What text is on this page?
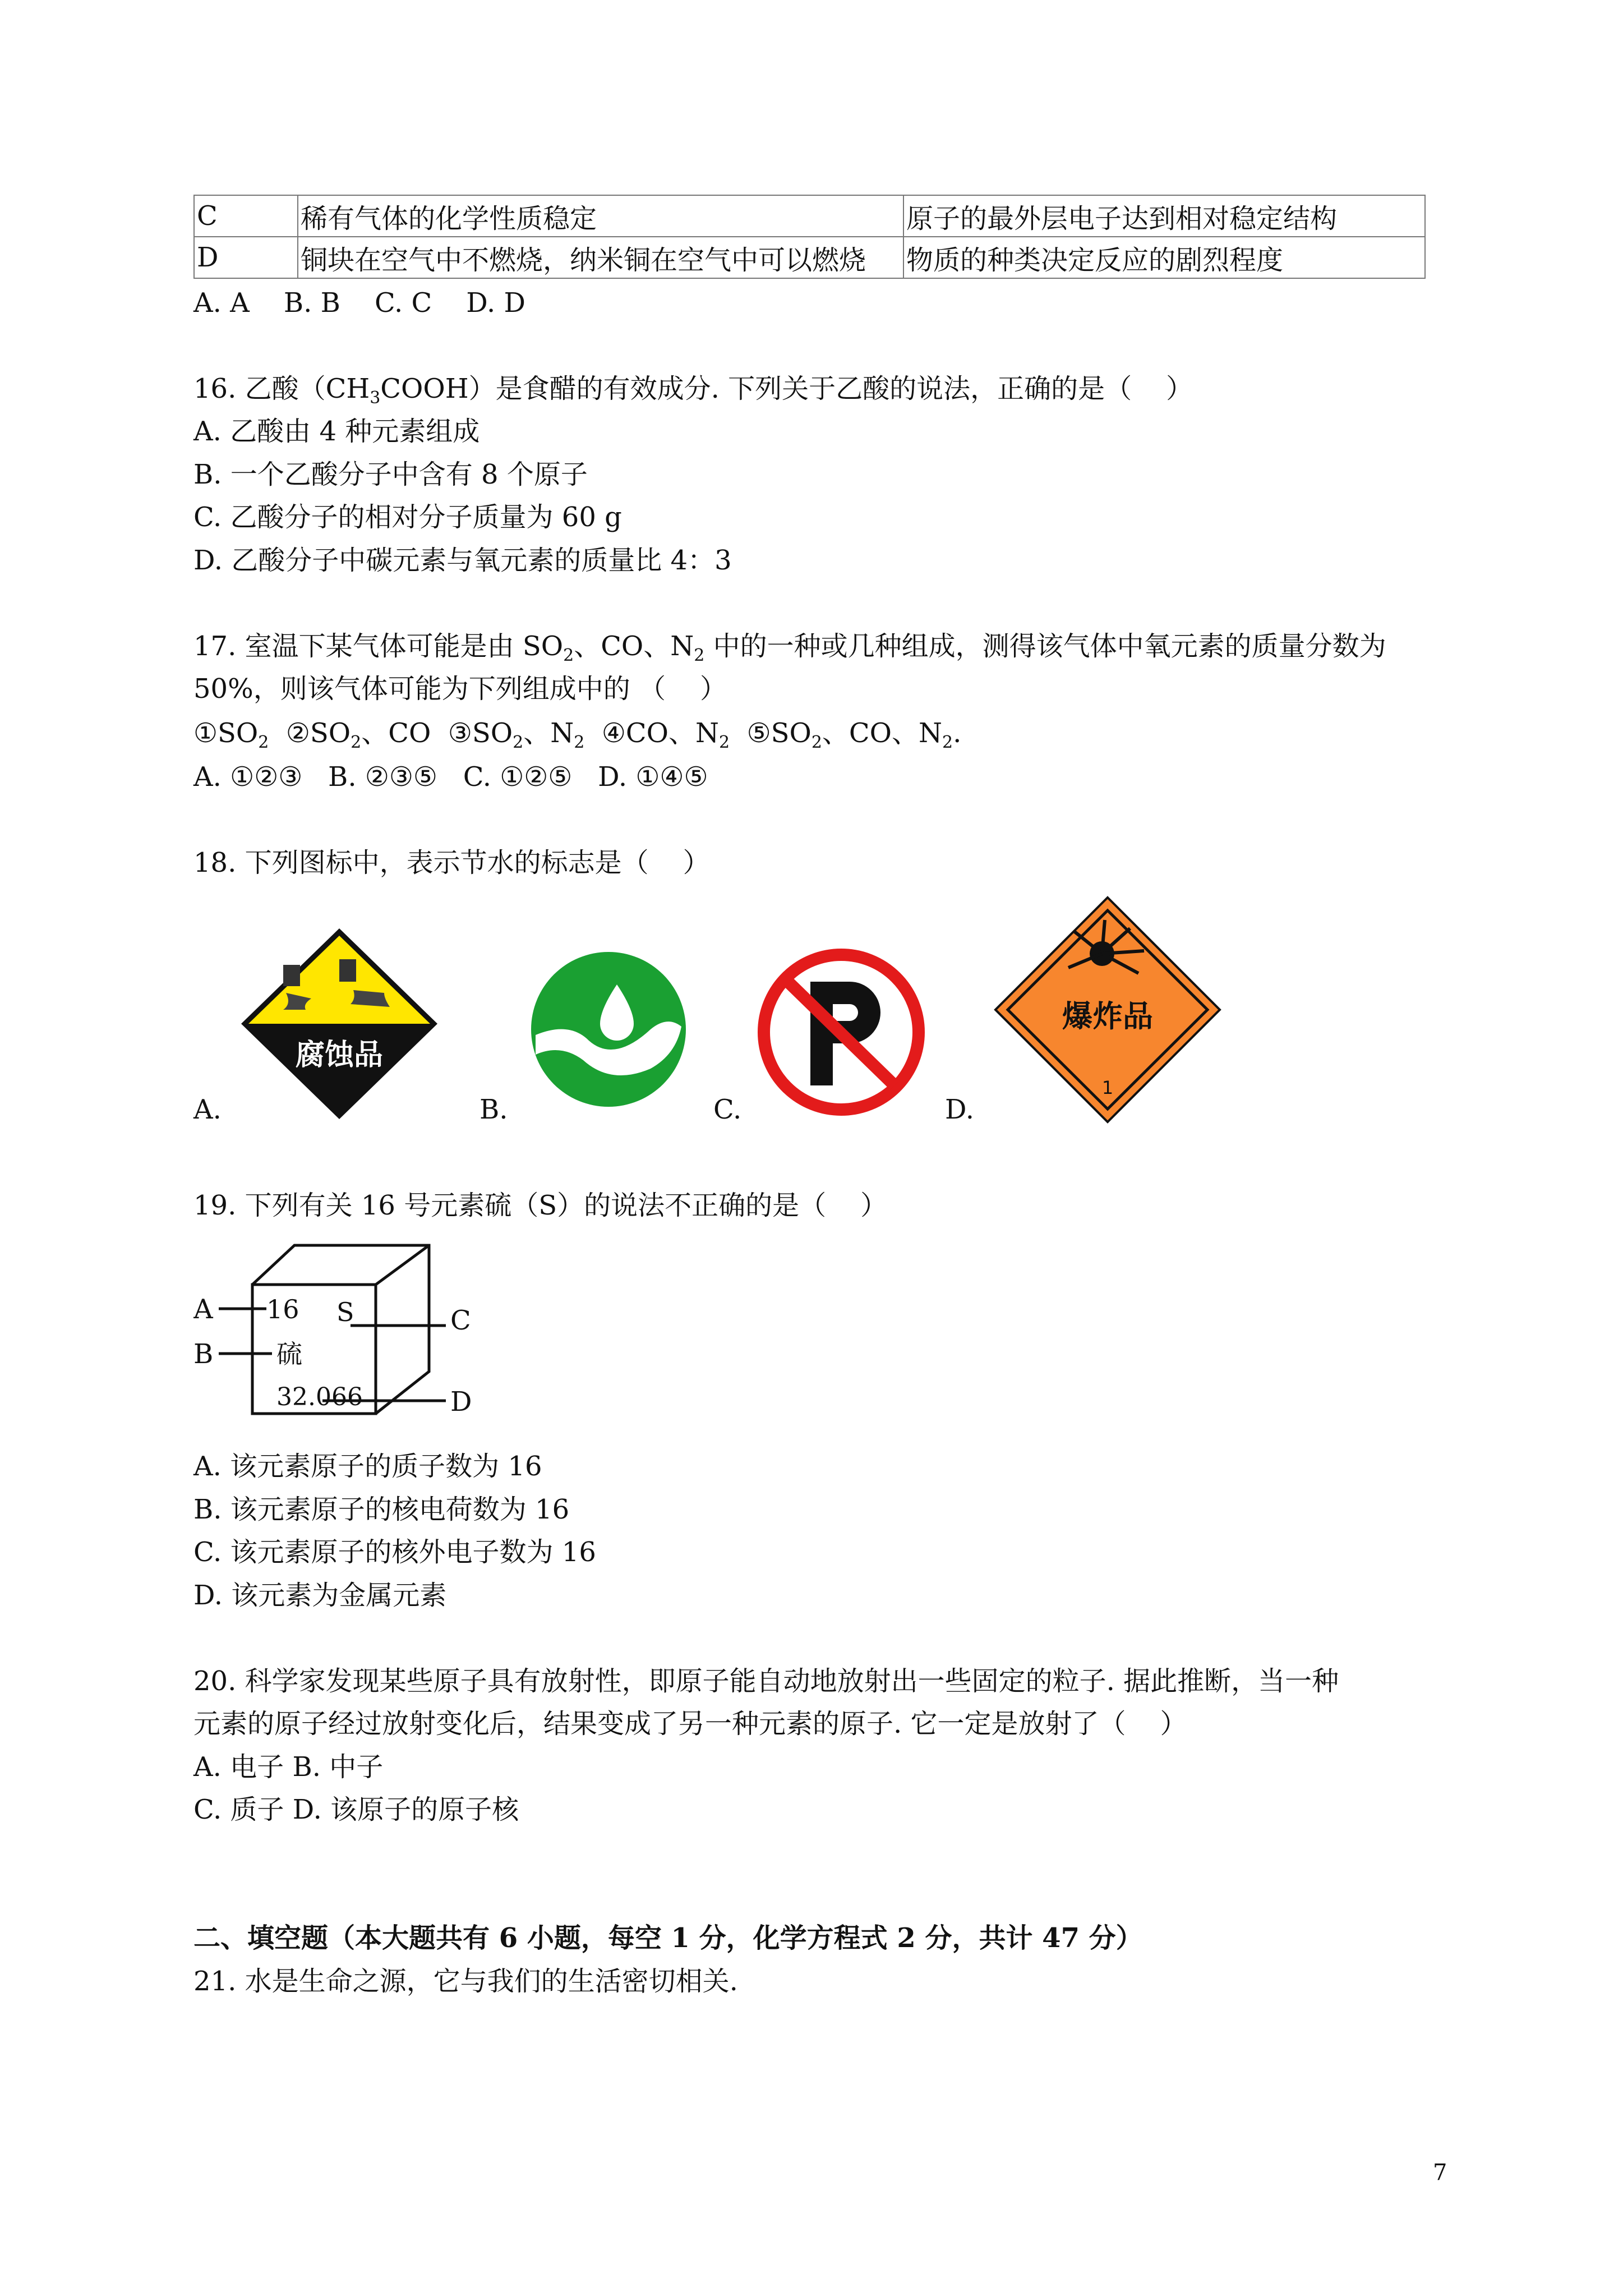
C	稀有气体的化学性质稳定	原子的最外层电子达到相对稳定结构
D	铜块在空气中不燃烧，纳米铜在空气中可以燃烧	物质的种类决定反应的剧烈程度
A. A    B. B    C. C    D. D
16. 乙酸$(CH_3COOH)$是食醋的有效成分. 下列关于乙酸的说法，正确的是（    ）
A. 乙酸由 4 种元素组成
B. 一个乙酸分子中含有 8 个原子
C. 乙酸分子的相对分子质量为 60 g
D. 乙酸分子中碳元素与氧元素的质量比 4：3
17. 室温下某气体可能是由 $SO_2$、CO、$N_2$ 中的一种或几种组成，测得该气体中氧元素的质量分数为
50%，则该气体可能为下列组成中的 （    ）
$①SO_2$  $②SO_2$、CO  $③SO_2$、$N_2$  ④CO、$N_2$  $⑤SO_2$、CO、$N_2$.
A. ①②③   B. ②③⑤   C. ①②⑤   D. ①④⑤
18. 下列图标中，表示节水的标志是（    ）
腐蚀品
A.	B.	C.
爆炸品
1
D.
19. 下列有关 16 号元素硫（S）的说法不正确的是（    ）
A
B
C
D
16 S
硫
32.066
A. 该元素原子的质子数为 16
B. 该元素原子的核电荷数为 16
C. 该元素原子的核外电子数为 16
D. 该元素为金属元素
20. 科学家发现某些原子具有放射性，即原子能自动地放射出一些固定的粒子. 据此推断，当一种
元素的原子经过放射变化后，结果变成了另一种元素的原子. 它一定是放射了（    ）
A. 电子 B. 中子
C. 质子 D. 该原子的原子核
二、填空题（本大题共有 6 小题，每空 1 分，化学方程式 2 分，共计 47 分）
21. 水是生命之源，它与我们的生活密切相关.
7
